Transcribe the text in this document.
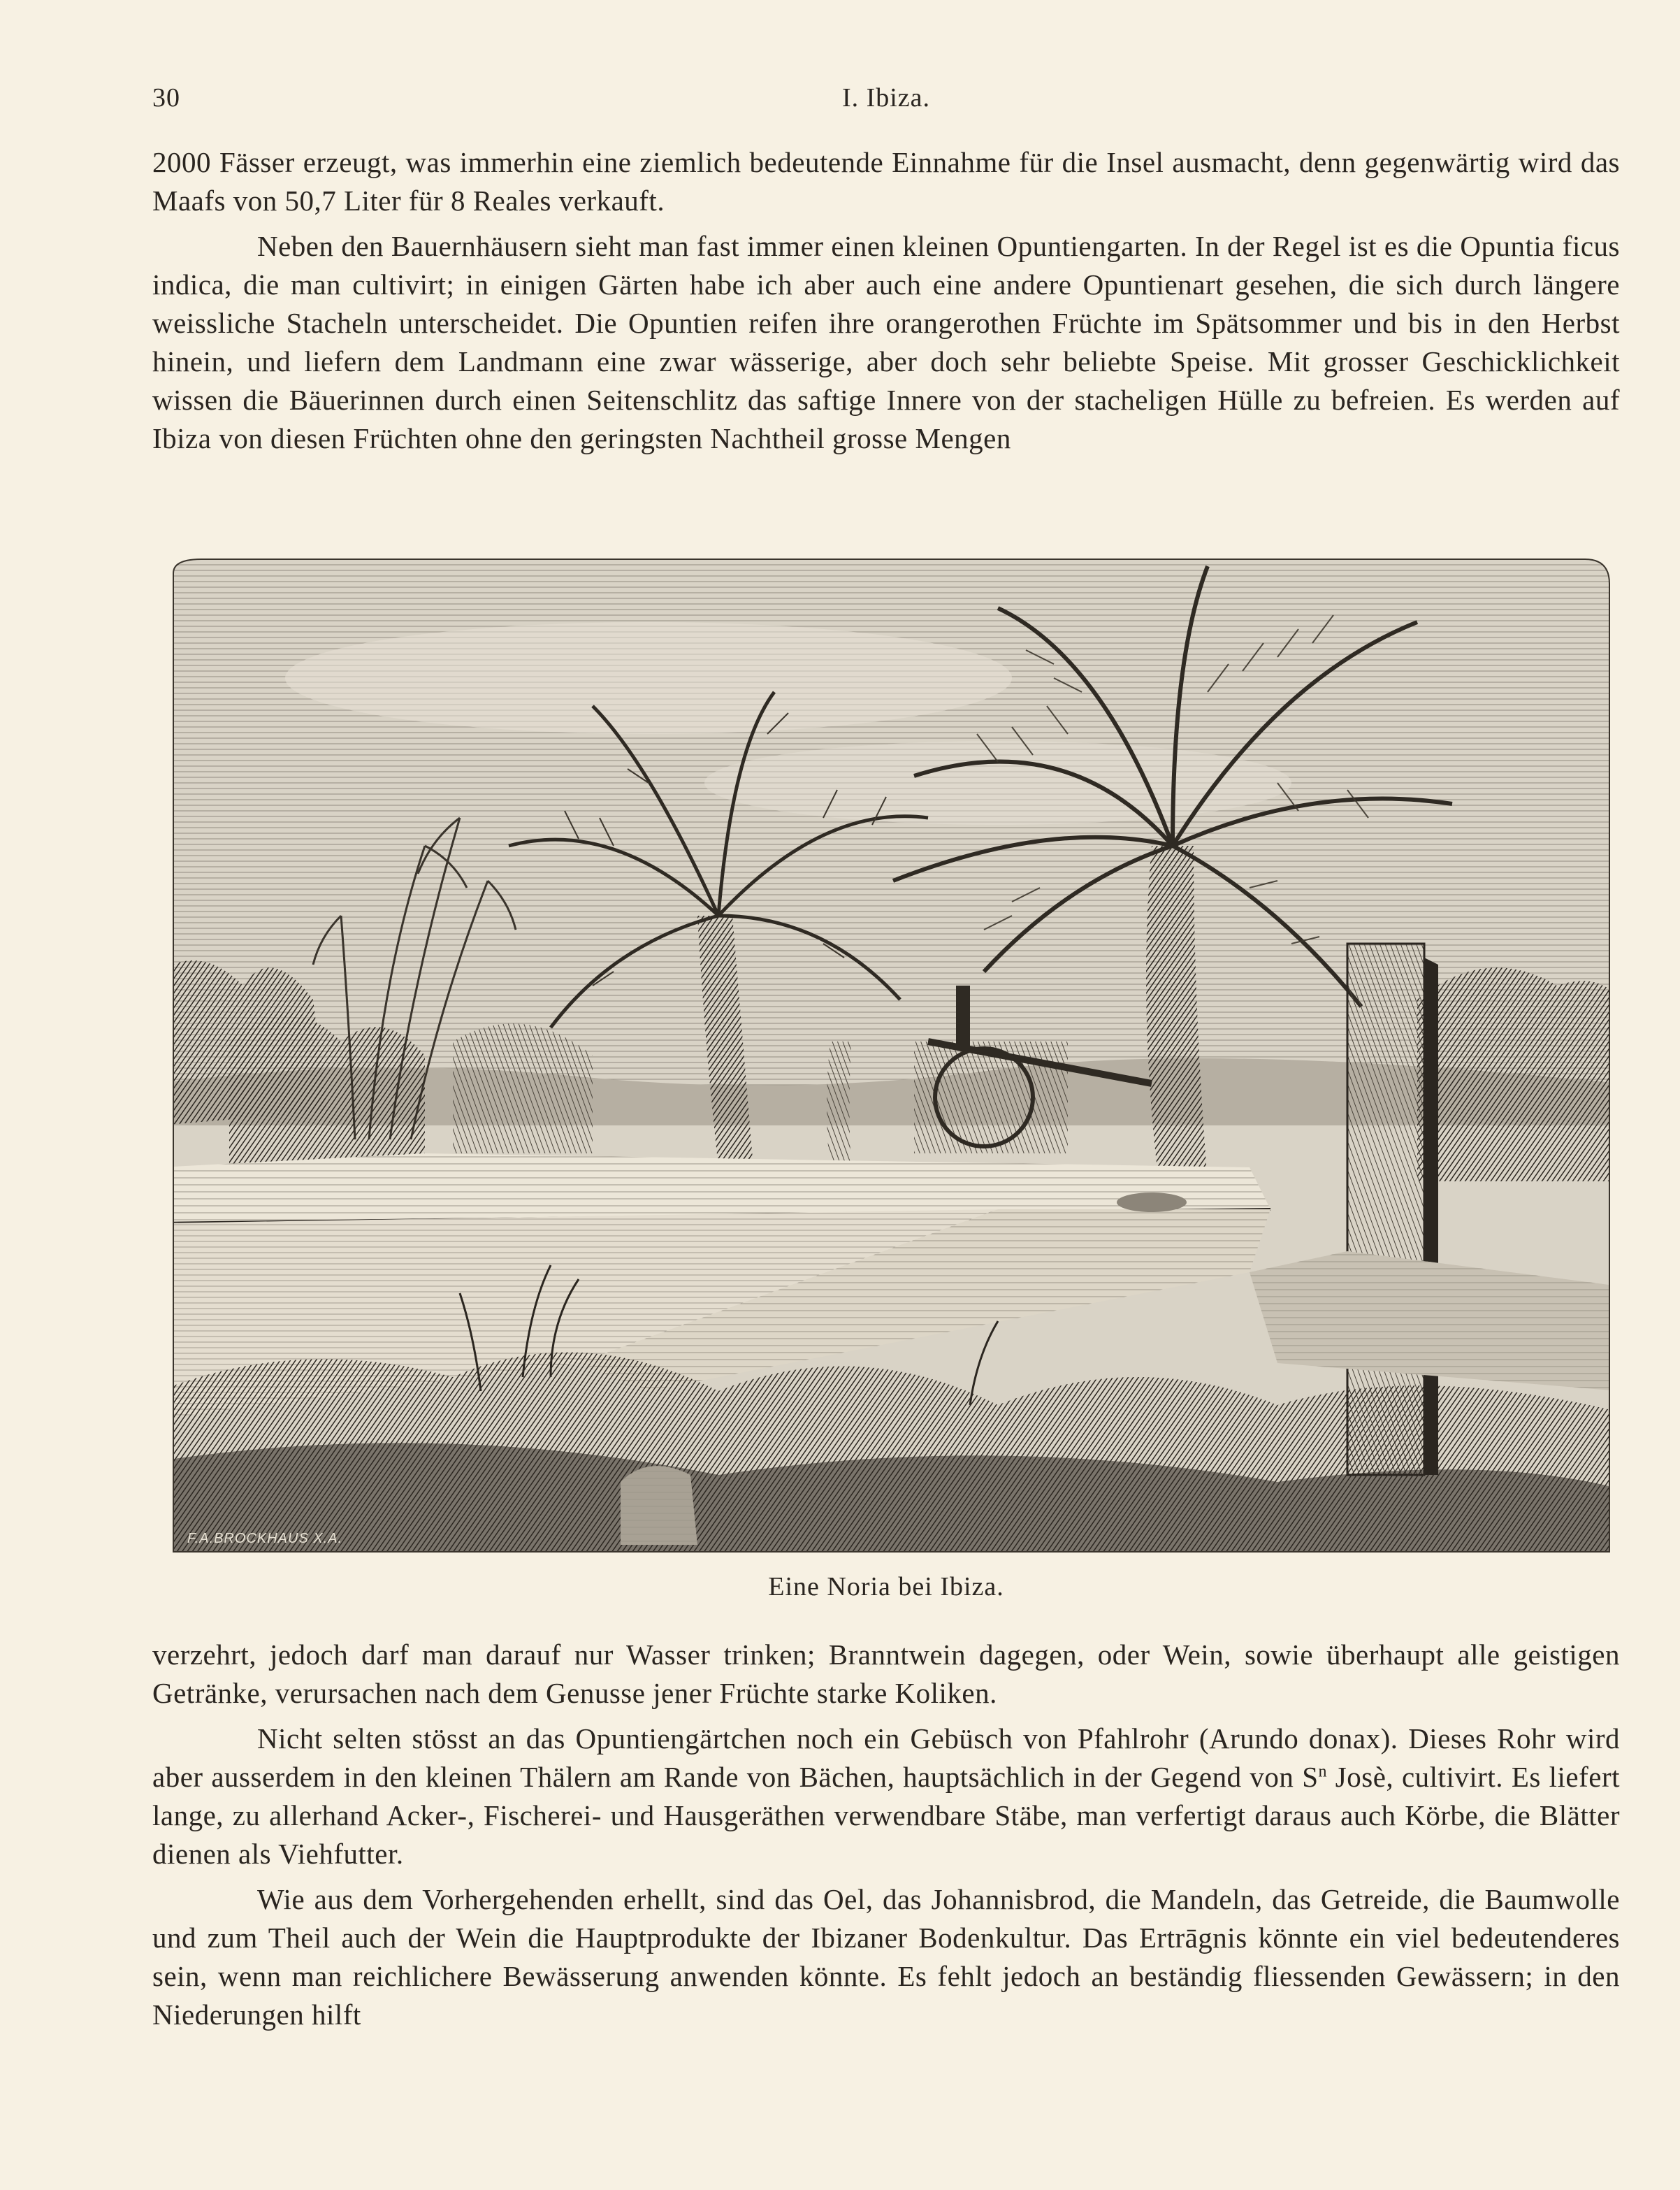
30	I. Ibiza.

2000 Fässer erzeugt, was immerhin eine ziemlich bedeutende Einnahme für die Insel ausmacht, denn gegenwärtig wird das Maafs von 50,7 Liter für 8 Reales verkauft.

Neben den Bauernhäusern sieht man fast immer einen kleinen Opuntiengarten. In der Regel ist es die Opuntia ficus indica, die man cultivirt; in einigen Gärten habe ich aber auch eine andere Opuntienart gesehen, die sich durch längere weissliche Stacheln unterscheidet. Die Opuntien reifen ihre orangerothen Früchte im Spätsommer und bis in den Herbst hinein, und liefern dem Landmann eine zwar wässerige, aber doch sehr beliebte Speise. Mit grosser Geschicklichkeit wissen die Bäuerinnen durch einen Seitenschlitz das saftige Innere von der stacheligen Hülle zu befreien. Es werden auf Ibiza von diesen Früchten ohne den geringsten Nachtheil grosse Mengen

F.A.BROCKHAUS X.A.
Eine Noria bei Ibiza.

verzehrt, jedoch darf man darauf nur Wasser trinken; Branntwein dagegen, oder Wein, sowie überhaupt alle geistigen Getränke, verursachen nach dem Genusse jener Früchte starke Koliken.

Nicht selten stösst an das Opuntiengärtchen noch ein Gebüsch von Pfahlrohr (Arundo donax). Dieses Rohr wird aber ausserdem in den kleinen Thälern am Rande von Bächen, hauptsächlich in der Gegend von $S^n$ Josè, cultivirt. Es liefert lange, zu allerhand Acker-, Fischerei- und Hausgeräthen verwendbare Stäbe, man verfertigt daraus auch Körbe, die Blätter dienen als Viehfutter.

Wie aus dem Vorhergehenden erhellt, sind das Oel, das Johannisbrod, die Mandeln, das Getreide, die Baumwolle und zum Theil auch der Wein die Hauptprodukte der Ibizaner Bodenkultur. Das Ertrāgnis könnte ein viel bedeutenderes sein, wenn man reichlichere Bewässerung anwenden könnte. Es fehlt jedoch an beständig fliessenden Gewässern; in den Niederungen hilft
